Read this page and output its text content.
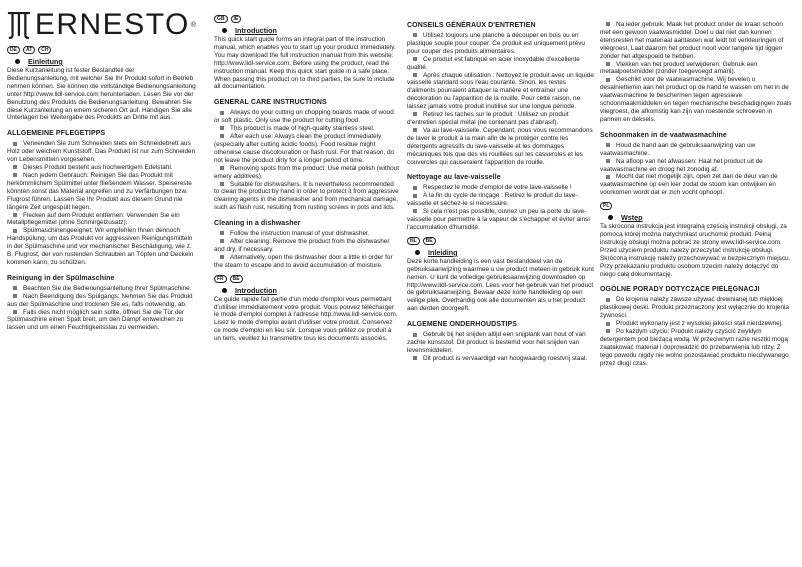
ERNESTO ®
DE	AT	CH
Einleitung

Diese Kurzanleitung ist fester Bestandteil der Bedienungsanleitung, mit welcher Sie Ihr Produkt sofort in Betrieb nehmen können. Sie können die vollständige Bedienungsanleitung unter http://www.lidl-service.com herunterladen. Lesen Sie vor der Benutzung des Produkts die Bedienungsanleitung. Bewahren Sie diese Kurzanleitung an einem sicheren Ort auf. Händigen Sie alle Unterlagen bei Weitergabe des Produkts an Dritte mit aus.

ALLGEMEINE PFLEGETIPPS

Verwenden Sie zum Schneiden stets ein Schneidebrett aus Holz oder weichem Kunststoff. Das Produkt ist nur zum Schneiden von Lebensmitteln vorgesehen.

Dieses Produkt besteht aus hochwertigem Edelstahl.

Nach jedem Gebrauch: Reinigen Sie das Produkt mit herkömmlichem Spülmittel unter fließendem Wasser. Speisereste könnten sonst das Material angreifen und zu Verfärbungen bzw. Flugrost führen. Lassen Sie Ihr Produkt aus diesem Grund nie längere Zeit ungespült liegen.

Flecken auf dem Produkt entfernen: Verwenden Sie ein Metallpflegemittel (ohne Schmirgelzusatz).

Spülmaschinengeeignet: Wir empfehlen Ihnen dennoch Handspülung, um das Produkt vor aggressiven Reinigungsmitteln in der Spülmaschine und vor mechanischer Beschädigung, wie z. B. Flugrost, der von rostenden Schrauben an Töpfen und Deckeln kommen kann, zu schützen.

Reinigung in der Spülmaschine

Beachten Sie die Bedienungsanleitung Ihrer Spülmaschine.

Nach Beendigung des Spülgangs: Nehmen Sie das Produkt aus der Spülmaschine und trocknen Sie es, falls notwendig, ab.

Falls dies nicht möglich sein sollte, öffnen Sie die Tür der Spülmaschine einen Spalt breit, um den Dampf entweichen zu lassen und um einen Feuchtigkeitsstau zu vermeiden.

GB	IE
Introduction

This quick start guide forms an integral part of the instruction manual, which enables you to start up your product immediately. You may download the full instruction manual from this website: http://www.lidl-service.com. Before using the product, read the instruction manual. Keep this quick start guide in a safe place. When passing this product on to third parties, be sure to include all documentation.

GENERAL CARE INSTRUCTIONS

Always do your cutting on chopping boards made of wood or soft plastic. Only use the product for cutting food.

This product is made of high-quality stainless steel.

After each use: Always clean the product immediately (especially after cutting acidic foods). Food residue might otherwise cause discolouration or flash rust. For that reason, do not leave the product dirty for a longer period of time.

Removing spots from the product: Use metal polish (without emery additives).

Suitable for dishwashers. It is nevertheless recommended to clean the product by hand in order to protect it from aggressive cleaning agents in the dishwasher and from mechanical damage, such as flash rust, resulting from rusting screws in pots and lids.

Cleaning in a dishwasher

Follow the instruction manual of your dishwasher.

After cleaning: Remove the product from the dishwasher and dry, if necessary.

Alternatively, open the dishwasher door a little in order for the steam to escape and to avoid accumulation of moisture.

FR	BE
Introduction

Ce guide rapide fait partie d'un mode d'emploi vous permettant d'utiliser immédiatement votre produit. Vous pouvez télécharger le mode d'emploi complet à l'adresse http://www.lidl-service.com. Lisez le mode d'emploi avant d'utiliser votre produit. Conservez ce mode d'emploi en lieu sûr. Lorsque vous prêtez ce produit à un tiers, veuillez lui transmettre tous les documents associés.

CONSEILS GÉNÉRAUX D'ENTRETIEN

Utilisez toujours une planche à découper en bois ou en plastique souple pour couper. Ce produit est uniquement prévu pour couper des produits alimentaires.

Ce produit est fabriqué en acier inoxydable d'excellente qualité.

Après chaque utilisation : Nettoyez le produit avec un liquide vaisselle standard sous l'eau courante. Sinon, les restes d'aliments pourraient attaquer la matière et entraîner une décoloration ou l'apparition de la rouille. Pour cette raison, ne laissez jamais votre produit inutilisé sur une longue période.

Retirez les taches sur le produit : Utilisez un produit d'entretien spécial métal (ne contenant pas d'abrasif).

Va au lave-vaisselle. Cependant, nous vous recommandons de laver le produit à la main afin de le protéger contre les détergents agressifs du lave-vaisselle et les dommages mécaniques tels que des vis rouillées sur les casseroles et les couvercles qui causeraient l'apparition de rouille.

Nettoyage au lave-vaisselle

Respectez le mode d'emploi de votre lave-vaisselle !

À la fin du cycle de rinçage : Retirez le produit du lave-vaisselle et séchez-le si nécessaire.

Si cela n'est pas possible, ouvrez un peu la porte du lave-vaisselle pour permettre à la vapeur de s'échapper et éviter ainsi l'accumulation d'humidité.

NL	BE
Inleiding

Deze korte handleiding is een vast bestanddeel van de gebruiksaanwijzing waarmee u uw product meteen in gebruik kunt nemen. U kunt de volledige gebruiksaanwijzing downloaden op http://www.lidl-service.com. Lees voor het gebruik van het product de gebruiksaanwijzing. Bewaar deze korte handleiding op een veilige plek. Overhandig ook alle documenten als u het product aan derden doorgeeft.

ALGEMENE ONDERHOUDSTIPS

Gebruik bij het snijden altijd een snijplank van hout of van zachte kunststof. Dit product is bestemd voor het snijden van levensmiddelen.

Dit product is vervaardigd van hoogwaardig roestvrij staal.

Na ieder gebruik: Maak het product onder de kraan schoon met een gewoon vaatwasmiddel. Doet u dat niet dan kunnen etensresten het materiaal aantasten wat leidt tot verkleuringen of vliegroest. Laat daarom het product nooit voor langere tijd liggen zonder het afgespoeld te hebben.

Vlekken van het product verwijderen: Gebruik een metaalpoetsmiddel (zonder toegevoegd amaril).

Geschikt voor de vaatwasmachine. Wij bevelen u desalniettemin aan het product op de hand te wassen om het in de vaatwasmachine te beschermen tegen agressieve schoonmaakmiddelen en tegen mechanische beschadigingen zoals vliegroest, die afkomstig kan zijn van roestende schroeven in pannen en deksels.

Schoonmaken in de vaatwasmachine

Houd de hand aan de gebruiksaanwijzing van uw vaatwasmachine.

Na afloop van het afwassen: Haal het product uit de vaatwasmachine en droog het zonodig af.

Mocht dat niet mogelijk zijn, open zet dan de deur van de vaatwasmachine op een kier zodat de stoom kan ontwijken en voorkomen wordt dat er zich vocht ophoopt.

PL
Wstęp

Ta skrócona instrukcja jest integralną częścią instrukcji obsługi, za pomocą której można natychmiast uruchomić produkt. Pełną instrukcję obsługi można pobrać ze strony www.lidl-service.com. Przed użyciem produktu należy przeczytać instrukcję obsługi. Skróconą instrukcję należy przechowywać w bezpiecznym miejscu. Przy przekazaniu produktu osobom trzecim należy dołączyć do niego całą dokumentację.

OGÓLNE PORADY DOTYCZĄCE PIELĘGNACJI

Do krojenia należy zawsze używać drewnianej lub miękkiej plastikowej deski. Produkt przeznaczony jest wyłącznie do krojenia żywności.

Produkt wykonany jest z wysokiej jakości stali nierdzewnej.

Po każdym użyciu: Produkt należy czyścić zwykłym detergentem pod bieżącą wodą. W przeciwnym razie resztki mogą zaatakować materiał i doprowadzić do przebarwienia lub rdzy. Z tego powodu nigdy nie wolno pozostawiać produktu nieużywanego przez długi czas.
